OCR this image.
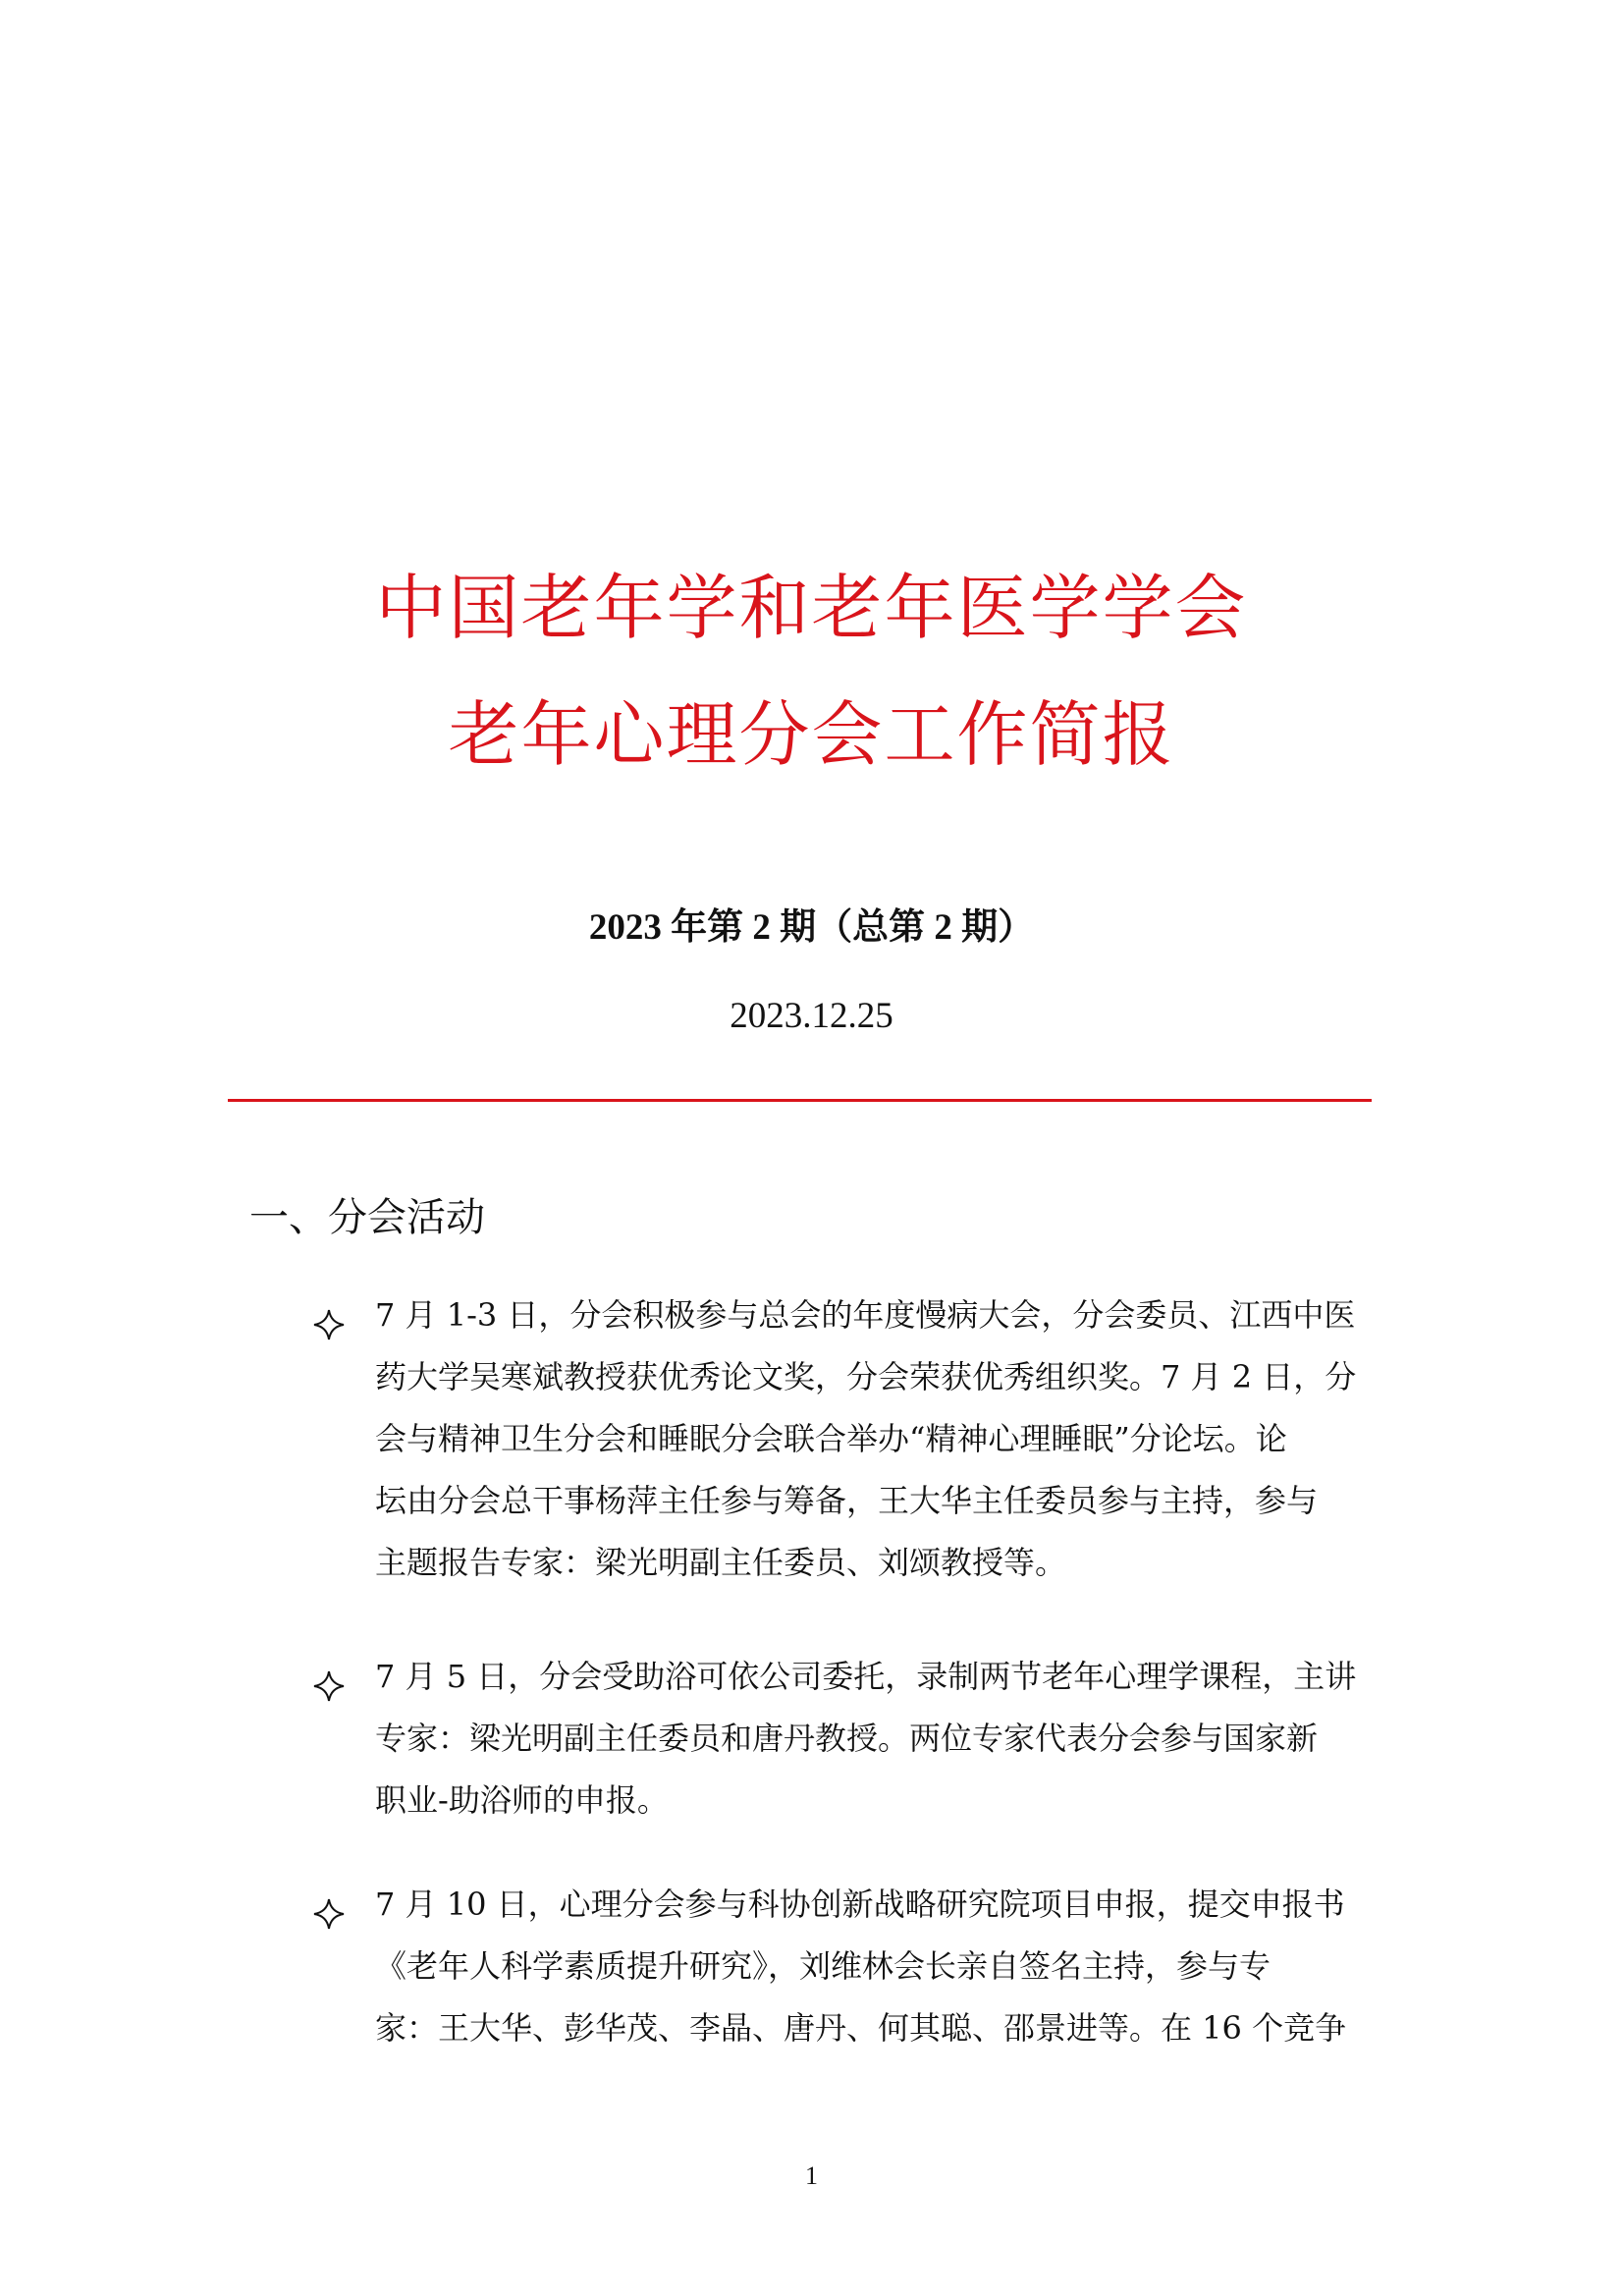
中国老年学和老年医学学会
老年心理分会工作简报
2023 年第 2 期（总第 2 期）
2023.12.25
一、分会活动
7 月 1-3 日，分会积极参与总会的年度慢病大会，分会委员、江西中医
药大学吴寒斌教授获优秀论文奖，分会荣获优秀组织奖。7 月 2 日，分
会与精神卫生分会和睡眠分会联合举办“精神心理睡眠”分论坛。论
坛由分会总干事杨萍主任参与筹备，王大华主任委员参与主持，参与
主题报告专家：梁光明副主任委员、刘颂教授等。
7 月 5 日，分会受助浴可依公司委托，录制两节老年心理学课程，主讲
专家：梁光明副主任委员和唐丹教授。两位专家代表分会参与国家新
职业-助浴师的申报。
7 月 10 日，心理分会参与科协创新战略研究院项目申报，提交申报书
《老年人科学素质提升研究》，刘维林会长亲自签名主持，参与专
家：王大华、彭华茂、李晶、唐丹、何其聪、邵景进等。在 16 个竞争
1
